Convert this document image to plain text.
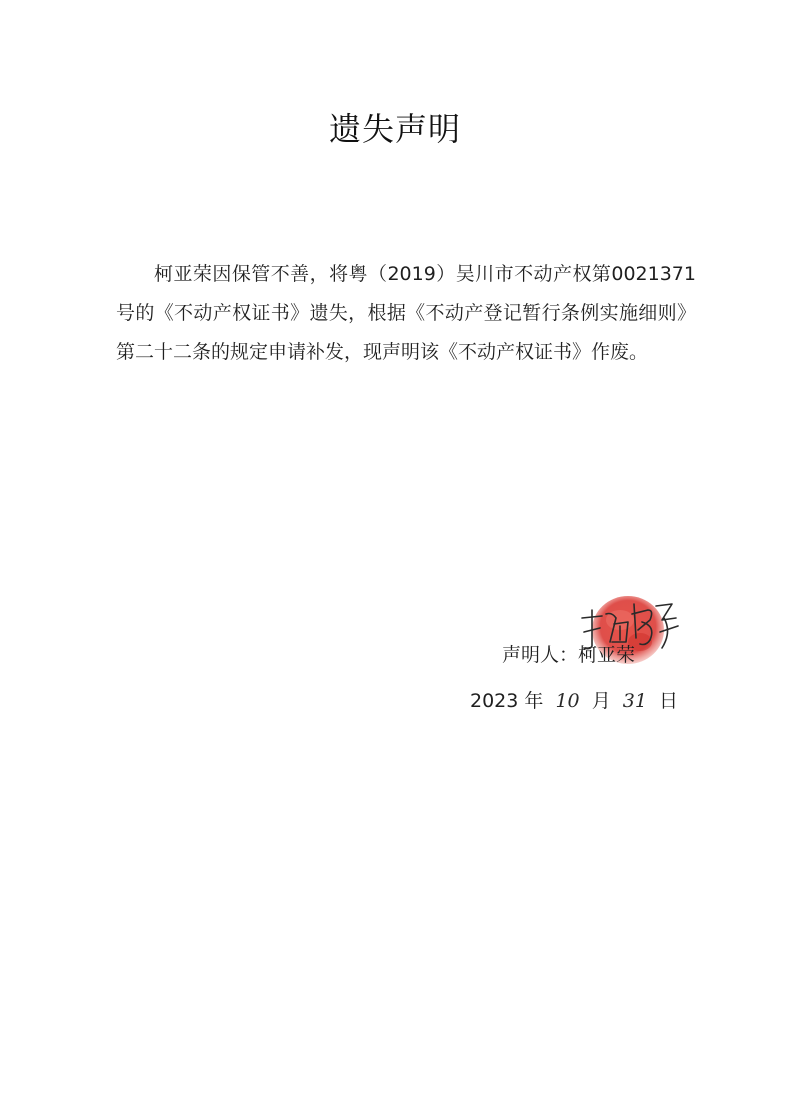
遗失声明
柯亚荣因保管不善，将粤（2019）吴川市不动产权第0021371号的《不动产权证书》遗失，根据《不动产登记暂行条例实施细则》第二十二条的规定申请补发，现声明该《不动产权证书》作废。
声明人：柯亚荣
2023 年 10 月 31 日
